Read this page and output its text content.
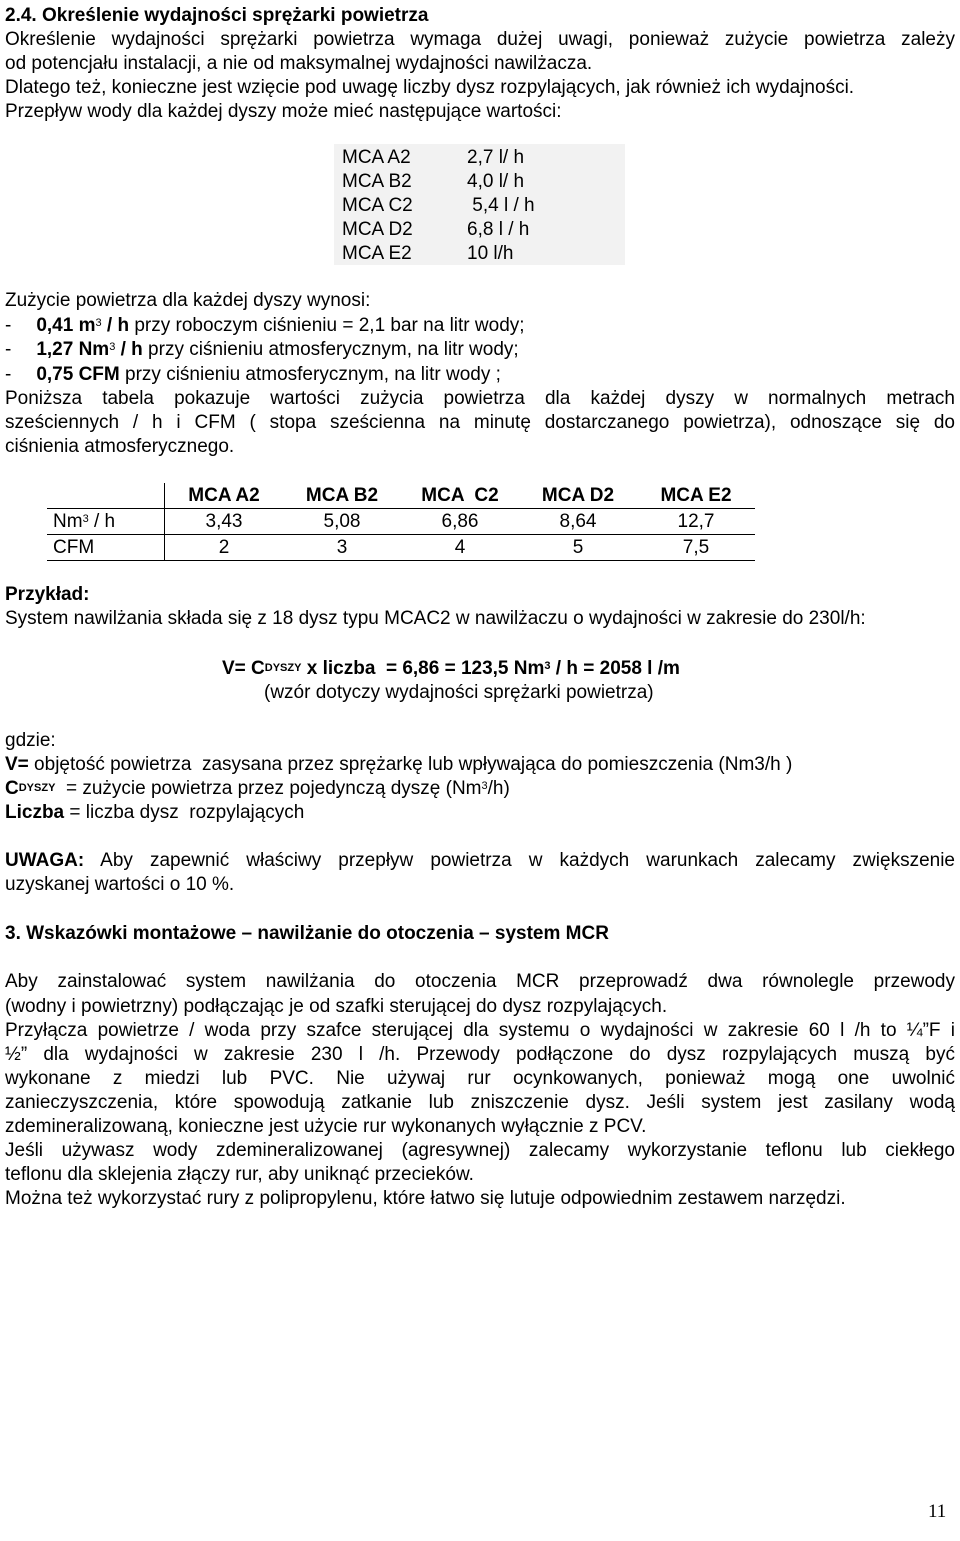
2.4. Określenie wydajności sprężarki powietrza
Określenie wydajności sprężarki powietrza wymaga dużej uwagi, ponieważ zużycie powietrza zależy
od potencjału instalacji, a nie od maksymalnej wydajności nawilżacza.
Dlatego też, konieczne jest wzięcie pod uwagę liczby dysz rozpylających, jak również ich wydajności.
Przepływ wody dla każdej dyszy może mieć następujące wartości:
MCA A2	2,7 l/ h
MCA B2	4,0 l/ h
MCA C2	5,4 l / h
MCA D2	6,8 l / h
MCA E2	10 l/h
Zużycie powietrza dla każdej dyszy wynosi:
- 0,41 $m^3$ / h przy roboczym ciśnieniu = 2,1 bar na litr wody;
- 1,27 Nm$^3$ / h przy ciśnieniu atmosferycznym, na litr wody;
- 0,75 CFM przy ciśnieniu atmosferycznym, na litr wody ;
Poniższa tabela pokazuje wartości zużycia powietrza dla każdej dyszy w normalnych metrach
sześciennych / h i CFM ( stopa sześcienna na minutę dostarczanego powietrza), odnoszące się do
ciśnienia atmosferycznego.
	MCA A2	MCA B2	MCA  C2	MCA D2	MCA E2
Nm$^3$ / h	3,43	5,08	6,86	8,64	12,7
CFM	2	3	4	5	7,5
Przykład:
System nawilżania składa się z 18 dysz typu MCAC2 w nawilżaczu o wydajności w zakresie do 230l/h:
V= CDYSZY x liczba  = 6,86 = 123,5 Nm$^3$ / h = 2058 l /m
(wzór dotyczy wydajności sprężarki powietrza)
gdzie:
V= objętość powietrza  zasysana przez sprężarkę lub wpływająca do pomieszczenia (Nm3/h )
CDYSZY  = zużycie powietrza przez pojedynczą dyszę (Nm$^3$/h)
Liczba = liczba dysz  rozpylających
UWAGA: Aby zapewnić właściwy przepływ powietrza w każdych warunkach zalecamy zwiększenie
uzyskanej wartości o 10 %.
3. Wskazówki montażowe – nawilżanie do otoczenia – system MCR
Aby zainstalować system nawilżania do otoczenia MCR przeprowadź dwa równolegle przewody
(wodny i powietrzny) podłączając je od szafki sterującej do dysz rozpylających.
Przyłącza powietrze / woda przy szafce sterującej dla systemu o wydajności w zakresie 60 l /h to ¼”F i
½” dla wydajności w zakresie 230 l /h. Przewody podłączone do dysz rozpylających muszą być
wykonane z miedzi lub PVC. Nie używaj rur ocynkowanych, ponieważ mogą one uwolnić
zanieczyszczenia, które spowodują zatkanie lub zniszczenie dysz. Jeśli system jest zasilany wodą
zdemineralizowaną, konieczne jest użycie rur wykonanych wyłącznie z PCV.
Jeśli używasz wody zdemineralizowanej (agresywnej) zalecamy wykorzystanie teflonu lub ciekłego
teflonu dla sklejenia złączy rur, aby uniknąć przecieków.
Można też wykorzystać rury z polipropylenu, które łatwo się lutuje odpowiednim zestawem narzędzi.
11
